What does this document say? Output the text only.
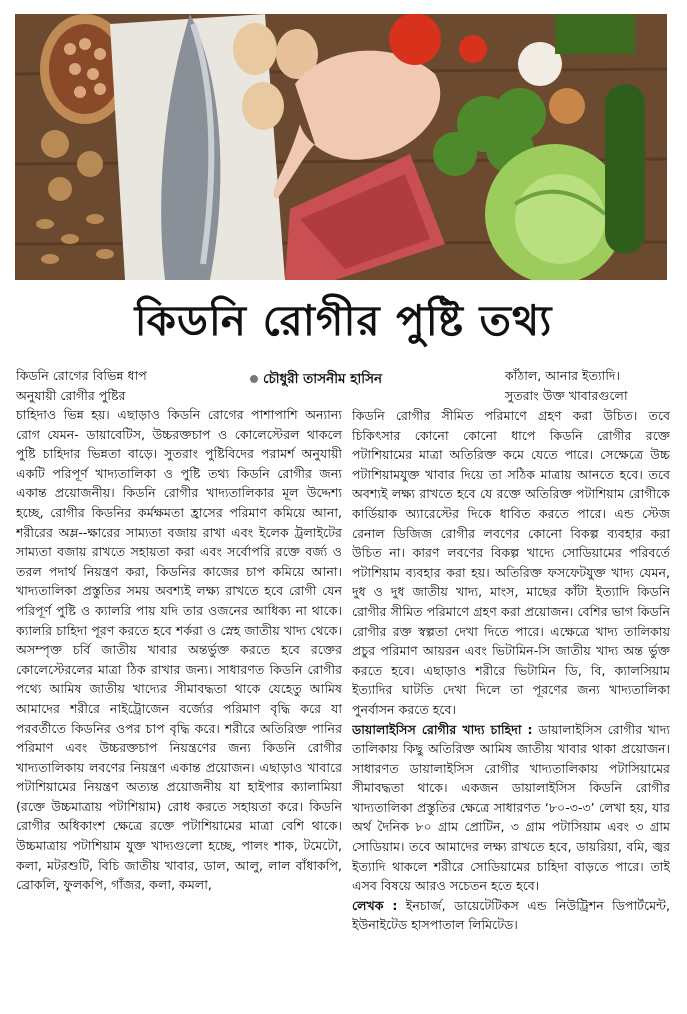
কিডনি রোগীর পুষ্টি তথ্য
কিডনি রোগের বিভিন্ন ধাপ
অনুযায়ী রোগীর পুষ্টির
চৌধুরী তাসনীম হাসিন	কাঁঠাল, আনার ইত্যাদি।
সুতরাং উক্ত খাবারগুলো

চাহিদাও ভিন্ন হয়। এছাড়াও কিডনি রোগের পাশাপাশি অন্যান্য রোগ যেমন- ডায়াবেটিস, উচ্চরক্তচাপ ও কোলেস্টেরল থাকলে পুষ্টি চাহিদার ভিন্নতা বাড়ে। সুতরাং পুষ্টিবিদের পরামর্শ অনুযায়ী একটি পরিপূর্ণ খাদ্যতালিকা ও পুষ্টি তথ্য কিডনি রোগীর জন্য একান্ত প্রয়োজনীয়। কিডনি রোগীর খাদ্যতালিকার মূল উদ্দেশ্য হচ্ছে, রোগীর কিডনির কর্মক্ষমতা হ্রাসের পরিমাণ কমিয়ে আনা, শরীরের অম্ল--ক্ষারের সাম্যতা বজায় রাখা এবং ইলেক ট্রলাইটের সাম্যতা বজায় রাখতে সহায়তা করা এবং সর্বোপরি রক্তে বর্জ্য ও তরল পদার্থ নিয়ন্ত্রণ করা, কিডনির কাজের চাপ কমিয়ে আনা। খাদ্যতালিকা প্রস্তুতির সময় অবশ্যই লক্ষ্য রাখতে হবে রোগী যেন পরিপূর্ণ পুষ্টি ও ক্যালরি পায় যদি তার ওজনের আধিক্য না থাকে। ক্যালরি চাহিদা পূরণ করতে হবে শর্করা ও স্নেহ জাতীয় খাদ্য থেকে। অসম্পৃক্ত চর্বি জাতীয় খাবার অন্তর্ভুক্ত করতে হবে রক্তের কোলেস্টেরলের মাত্রা ঠিক রাখার জন্য। সাধারণত কিডনি রোগীর পথ্যে আমিষ জাতীয় খাদ্যের সীমাবদ্ধতা থাকে যেহেতু আমিষ আমাদের শরীরে নাইট্রোজেন বর্জ্যের পরিমাণ বৃদ্ধি করে যা পরবর্তীতে কিডনির ওপর চাপ বৃদ্ধি করে। শরীরে অতিরিক্ত পানির পরিমাণ এবং উচ্চরক্তচাপ নিয়ন্ত্রণের জন্য কিডনি রোগীর খাদ্যতালিকায় লবণের নিয়ন্ত্রণ একান্ত প্রয়োজন। এছাড়াও খাবারে পটাশিয়ামের নিয়ন্ত্রণ অত্যন্ত প্রয়োজনীয় যা হাইপার ক্যালামিয়া (রক্তে উচ্চমাত্রায় পটাশিয়াম) রোধ করতে সহায়তা করে। কিডনি রোগীর অধিকাংশ ক্ষেত্রে রক্তে পটাশিয়ামের মাত্রা বেশি থাকে। উচ্চমাত্রায় পটাশিয়াম যুক্ত খাদ্যগুলো হচ্ছে, পালং শাক, টমেটো, কলা, মটরশুটি, বিচি জাতীয় খাবার, ডাল, আলু, লাল বাঁধাকপি, ব্রোকলি, ফুলকপি, গাঁজর, কলা, কমলা,

কিডনি রোগীর সীমিত পরিমাণে গ্রহণ করা উচিত। তবে চিকিৎসার কোনো কোনো ধাপে কিডনি রোগীর রক্তে পটাশিয়ামের মাত্রা অতিরিক্ত কমে যেতে পারে। সেক্ষেত্রে উচ্চ পটাশিয়ামযুক্ত খাবার দিয়ে তা সঠিক মাত্রায় আনতে হবে। তবে অবশ্যই লক্ষ্য রাখতে হবে যে রক্তে অতিরিক্ত পটাশিয়াম রোগীকে কার্ডিয়াক অ্যারেস্টের দিকে ধাবিত করতে পারে। এন্ড স্টেজ রেনাল ডিজিজ রোগীর লবণের কোনো বিকল্প ব্যবহার করা উচিত না। কারণ লবণের বিকল্প খাদ্যে সোডিয়ামের পরিবর্তে পটাশিয়াম ব্যবহার করা হয়। অতিরিক্ত ফসফেটযুক্ত খাদ্য যেমন, দুধ ও দুধ জাতীয় খাদ্য, মাংস, মাছের কাঁটা ইত্যাদি কিডনি রোগীর সীমিত পরিমাণে গ্রহণ করা প্রয়োজন। বেশির ভাগ কিডনি রোগীর রক্ত স্বল্পতা দেখা দিতে পারে। এক্ষেত্রে খাদ্য তালিকায় প্রচুর পরিমাণ আয়রন এবং ভিটামিন-সি জাতীয় খাদ্য অন্ত র্ভুক্ত করতে হবে। এছাড়াও শরীরে ভিটামিন ডি, বি, ক্যালসিয়াম ইত্যাদির ঘাটতি দেখা দিলে তা পূরণের জন্য খাদ্যতালিকা পুনর্বাসন করতে হবে।

ডায়ালাইসিস রোগীর খাদ্য চাহিদা : ডায়ালাইসিস রোগীর খাদ্য তালিকায় কিছু অতিরিক্ত আমিষ জাতীয় খাবার থাকা প্রয়োজন। সাধারণত ডায়ালাইসিস রোগীর খাদ্যতালিকায় পটাসিয়ামের সীমাবদ্ধতা থাকে। একজন ডায়ালাইসিস কিডনি রোগীর খাদ্যতালিকা প্রস্তুতির ক্ষেত্রে সাধারণত ‘৮০-৩-৩’ লেখা হয়, যার অর্থ দৈনিক ৮০ গ্রাম প্রোটিন, ৩ গ্রাম পটাসিয়াম এবং ৩ গ্রাম সোডিয়াম। তবে আমাদের লক্ষ্য রাখতে হবে, ডায়রিয়া, বমি, জ্বর ইত্যাদি থাকলে শরীরে সোডিয়ামের চাহিদা বাড়তে পারে। তাই এসব বিষয়ে আরও সচেতন হতে হবে।

লেখক : ইনচার্জ, ডায়েটেটিকস এন্ড নিউট্রিশন ডিপার্টমেন্ট, ইউনাইটেড হাসপাতাল লিমিটেড।
